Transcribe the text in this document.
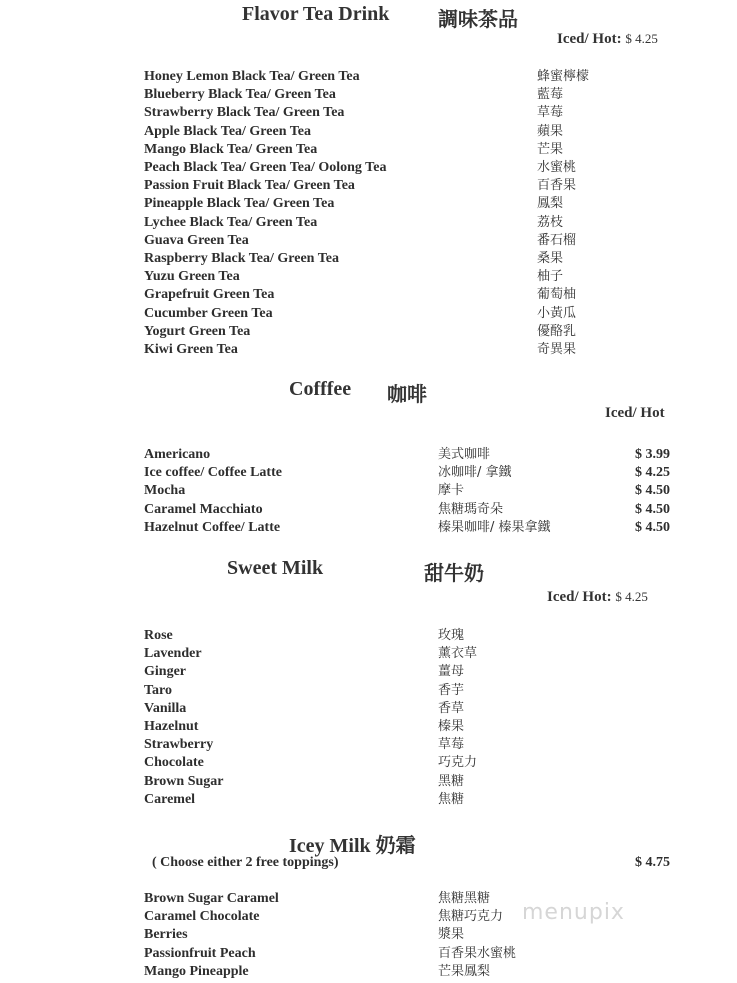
Flavor Tea Drink 調味茶品
Iced/ Hot: $ 4.25
Honey Lemon Black Tea/ Green Tea	蜂蜜檸檬
Blueberry Black Tea/ Green Tea	藍莓
Strawberry Black Tea/ Green Tea	草莓
Apple Black Tea/ Green Tea	蘋果
Mango Black Tea/ Green Tea	芒果
Peach Black Tea/ Green Tea/ Oolong Tea	水蜜桃
Passion Fruit Black Tea/ Green Tea	百香果
Pineapple Black Tea/ Green Tea	鳳梨
Lychee Black Tea/ Green Tea	荔枝
Guava Green Tea	番石榴
Raspberry Black Tea/ Green Tea	桑果
Yuzu Green Tea	柚子
Grapefruit Green Tea	葡萄柚
Cucumber Green Tea	小黃瓜
Yogurt Green Tea	優酪乳
Kiwi Green Tea	奇異果
Cofffee 咖啡
Iced/ Hot
Americano	美式咖啡	$ 3.99
Ice coffee/ Coffee Latte	冰咖啡/ 拿鐵	$ 4.25
Mocha	摩卡	$ 4.50
Caramel Macchiato	焦糖瑪奇朵	$ 4.50
Hazelnut Coffee/ Latte	榛果咖啡/ 榛果拿鐵	$ 4.50
Sweet Milk	甜牛奶
Iced/ Hot: $ 4.25
Rose	玫瑰
Lavender	薰衣草
Ginger	薑母
Taro	香芋
Vanilla	香草
Hazelnut	榛果
Strawberry	草莓
Chocolate	巧克力
Brown Sugar	黑糖
Caremel	焦糖
Icey Milk 奶霜
( Choose either 2 free toppings)	$ 4.75
Brown Sugar Caramel	焦糖黑糖
Caramel Chocolate	焦糖巧克力
Berries	漿果
Passionfruit Peach	百香果水蜜桃
Mango Pineapple	芒果鳳梨
menupix
